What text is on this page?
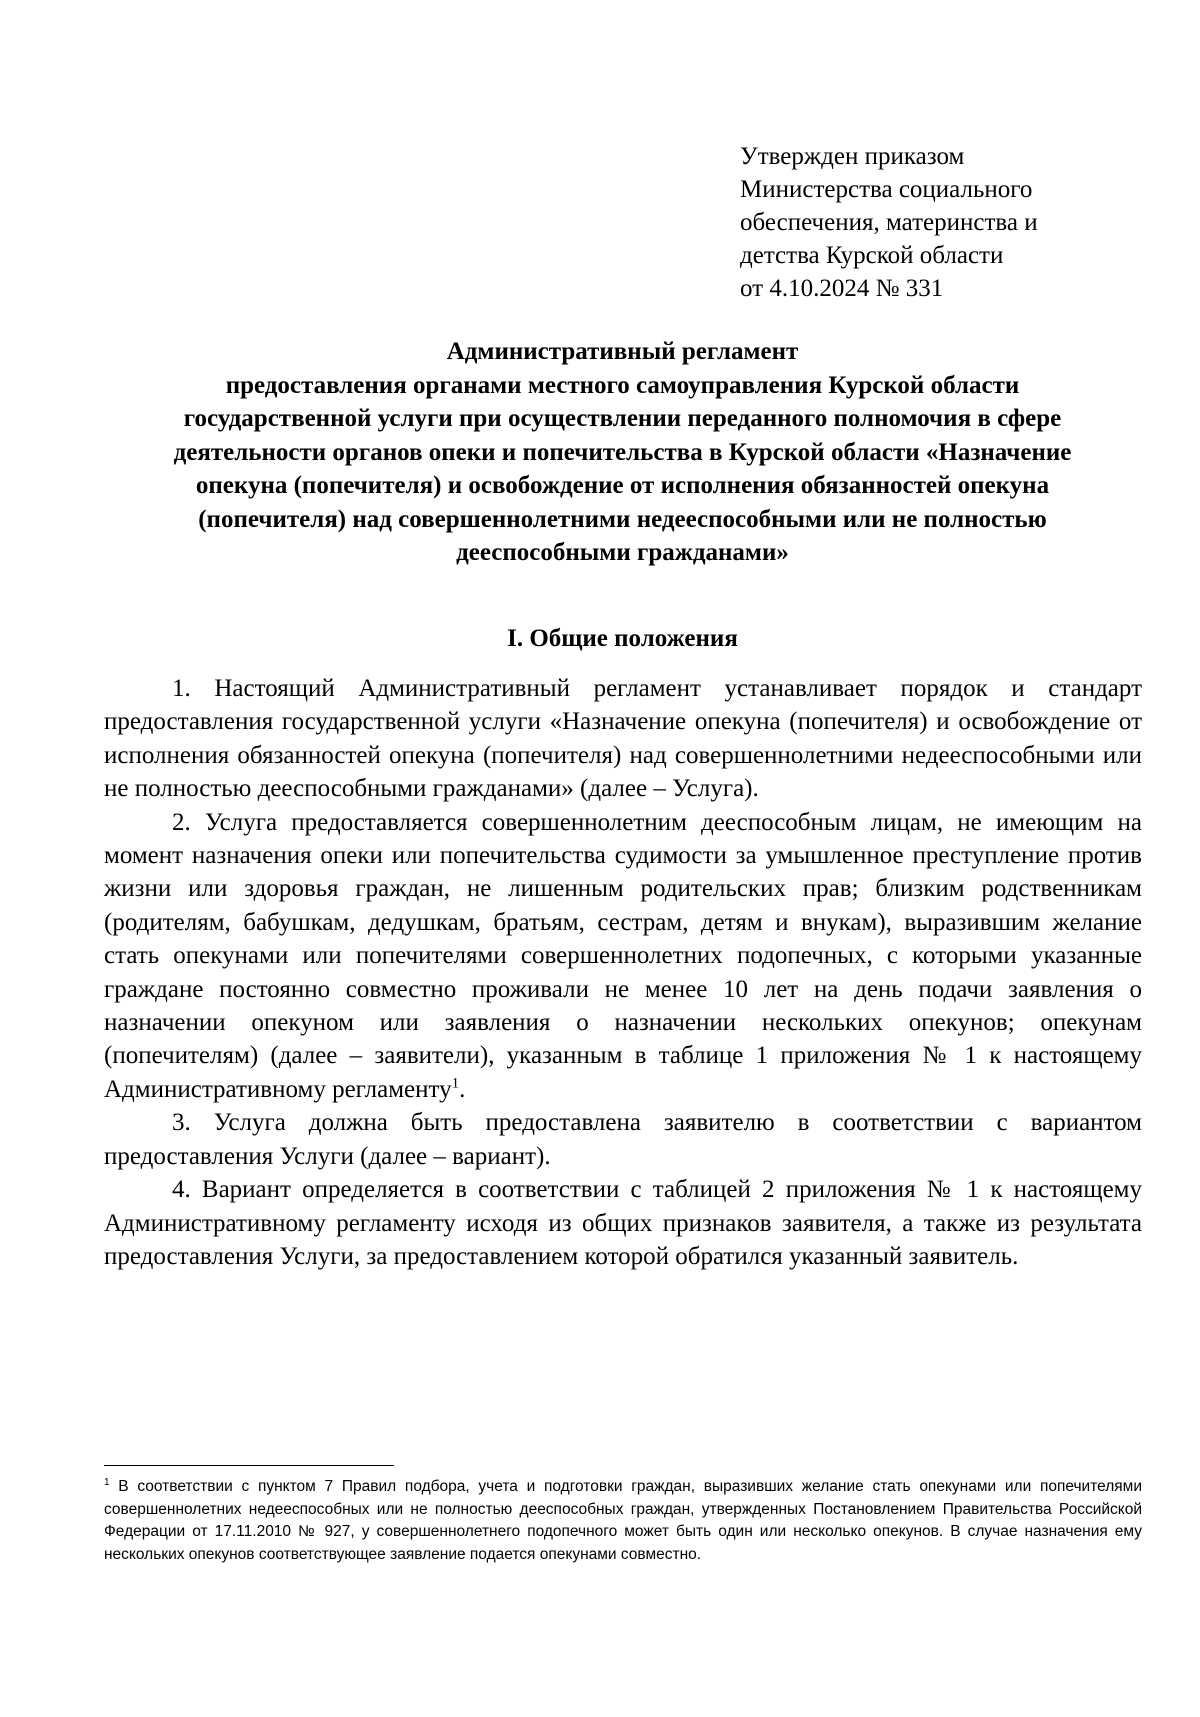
Утвержден приказом
Министерства социального
обеспечения, материнства и
детства Курской области
от 4.10.2024 № 331
Административный регламент
предоставления органами местного самоуправления Курской области
государственной услуги при осуществлении переданного полномочия в сфере
деятельности органов опеки и попечительства в Курской области «Назначение
опекуна (попечителя) и освобождение от исполнения обязанностей опекуна
(попечителя) над совершеннолетними недееспособными или не полностью
дееспособными гражданами»
I. Общие положения

1. Настоящий Административный регламент устанавливает порядок и стандарт предоставления государственной услуги «Назначение опекуна (попечителя) и освобождение от исполнения обязанностей опекуна (попечителя) над совершеннолетними недееспособными или не полностью дееспособными гражданами» (далее – Услуга).

2. Услуга предоставляется совершеннолетним дееспособным лицам, не имеющим на момент назначения опеки или попечительства судимости за умышленное преступление против жизни или здоровья граждан, не лишенным родительских прав; близким родственникам (родителям, бабушкам, дедушкам, братьям, сестрам, детям и внукам), выразившим желание стать опекунами или попечителями совершеннолетних подопечных, с которыми указанные граждане постоянно совместно проживали не менее 10 лет на день подачи заявления о назначении опекуном или заявления о назначении нескольких опекунов; опекунам (попечителям) (далее – заявители), указанным в таблице 1 приложения № 1 к настоящему Административному регламенту$^1$.

3. Услуга должна быть предоставлена заявителю в соответствии с вариантом предоставления Услуги (далее – вариант).

4. Вариант определяется в соответствии с таблицей 2 приложения № 1 к настоящему Административному регламенту исходя из общих признаков заявителя, а также из результата предоставления Услуги, за предоставлением которой обратился указанный заявитель.

$^1$ В соответствии с пунктом 7 Правил подбора, учета и подготовки граждан, выразивших желание стать опекунами или попечителями совершеннолетних недееспособных или не полностью дееспособных граждан, утвержденных Постановлением Правительства Российской Федерации от 17.11.2010 № 927, у совершеннолетнего подопечного может быть один или несколько опекунов. В случае назначения ему нескольких опекунов соответствующее заявление подается опекунами совместно.
